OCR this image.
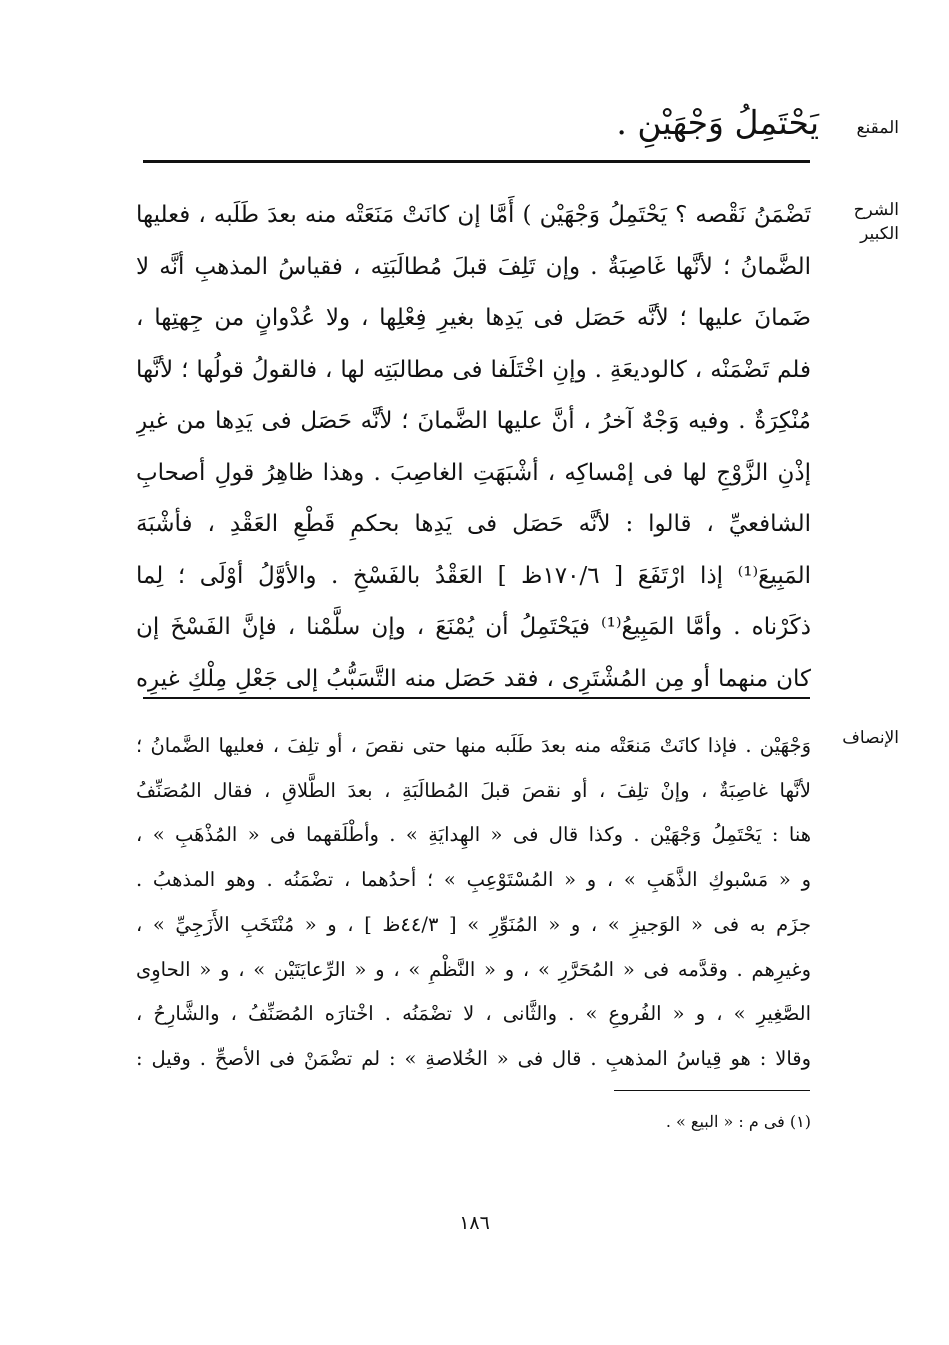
المقنع
يَحْتَمِلُ وَجْهَيْنِ .
الشرح الكبير
تَضْمَنُ نَقْصه ؟ يَحْتَمِلُ وَجْهَيْن ) أَمَّا إن كانَتْ مَنَعَتْه منه بعدَ طَلَبه ، فعليها
الضَّمانُ ؛ لأنَّها غَاصِبَةٌ . وإن تَلِفَ قبلَ مُطالَبَتِه ، فقياسُ المذهبِ أنَّه لا
ضَمانَ عليها ؛ لأنَّه حَصَل فى يَدِها بغيرِ فِعْلِها ، ولا عُدْوانٍ من جِهتِها ،
فلم تَضْمَنْه ، كالوديعَةِ . وإنِ اخْتَلَفا فى مطالبَتِه لها ، فالقولُ قولُها ؛ لأنَّها
مُنْكِرَةٌ . وفيه وَجْهٌ آخرُ ، أنَّ عليها الضَّمانَ ؛ لأنَّه حَصَل فى يَدِها من غيرِ
إذْنِ الزَّوْجِ لها فى إمْساكِه ، أشْبَهَتِ الغاصِبَ . وهذا ظاهِرُ قولِ أصحابِ
الشافعيِّ ، قالوا : لأنَّه حَصَل فى يَدِها بحكمِ قَطْعِ العَقْدِ ، فأشْبَهَ
المَبِيعَ⁽¹⁾ إذا ارْتَفَعَ [ ١٧٠/٦ظ ] العَقْدُ بالفَسْخِ . والأوَّلُ أوْلَى ؛ لِما
ذكَرْناه . وأمَّا المَبِيعُ⁽¹⁾ فيَحْتَمِلُ أن يُمْنَعَ ، وإن سلَّمْنا ، فإنَّ الفَسْخَ إن
كان منهما أو مِن المُشْتَرِى ، فقد حَصَل منه التَّسَبُّبُ إلى جَعْلِ مِلْكِ غيرِه
الإنصاف
وَجْهَيْن . فإذا كانَتْ مَنعَتْه منه بعدَ طَلَبه منها حتى نقصَ ، أو تلِفَ ، فعليها الضَّمانُ ؛
لأنَّها غاصِبَةٌ ، وإنْ تلِفَ ، أو نقصَ قبلَ المُطالَبَةِ ، بعدَ الطَّلاقِ ، فقال المُصَنِّفُ
هنا : يَحْتَمِلُ وَجْهَيْن . وكذا قال فى « الهِدايَةِ » . وأطْلَقهما فى « المُذْهَبِ » ،
و « مَسْبوكِ الذَّهَبِ » ، و « المُسْتَوْعِبِ » ؛ أحدُهما ، تضْمَنُه . وهو المذهبُ .
جزَم به فى « الوَجيزِ » ، و « المُنَوِّرِ » [ ٤٤/٣ظ ] ، و « مُنْتَخَبِ الأَزَجِيِّ » ،
وغيرِهم . وقدَّمه فى « المُحَرَّرِ » ، و « النَّظْمِ » ، و « الرِّعايَتَيْن » ، و « الحاوِى
الصَّغِيرِ » ، و « الفُروعِ » . والثَّانى ، لا تضْمَنُه . اخْتارَه المُصَنِّفُ ، والشَّارِحُ ،
وقالا : هو قِياسُ المذهبِ . قال فى « الخُلاصةِ » : لم تضْمَنْ فى الأصحِّ . وقيل :
(١) فى م : « البيع » .
١٨٦
